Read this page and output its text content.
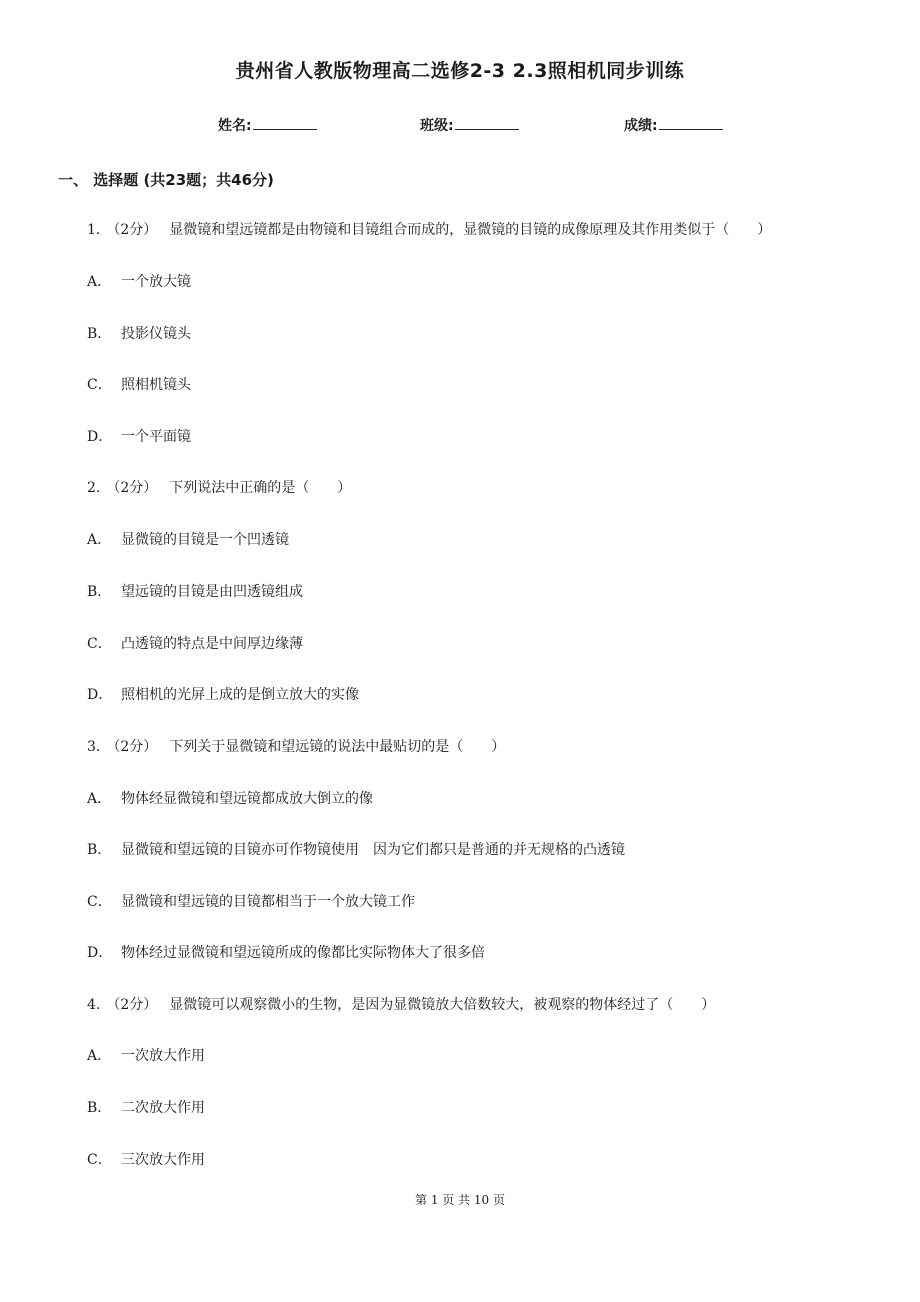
贵州省人教版物理高二选修2-3 2.3照相机同步训练
姓名:	班级:	成绩:
一、 选择题 (共23题；共46分)
1. （2分） 显微镜和望远镜都是由物镜和目镜组合而成的，显微镜的目镜的成像原理及其作用类似于（　　）
A． 一个放大镜
B． 投影仪镜头
C． 照相机镜头
D． 一个平面镜
2. （2分） 下列说法中正确的是（　　）
A． 显微镜的目镜是一个凹透镜
B． 望远镜的目镜是由凹透镜组成
C． 凸透镜的特点是中间厚边缘薄
D． 照相机的光屏上成的是倒立放大的实像
3. （2分） 下列关于显微镜和望远镜的说法中最贴切的是（　　）
A． 物体经显微镜和望远镜都成放大倒立的像
B． 显微镜和望远镜的目镜亦可作物镜使用　因为它们都只是普通的并无规格的凸透镜
C． 显微镜和望远镜的目镜都相当于一个放大镜工作
D． 物体经过显微镜和望远镜所成的像都比实际物体大了很多倍
4. （2分） 显微镜可以观察微小的生物，是因为显微镜放大倍数较大，被观察的物体经过了（　　）
A． 一次放大作用
B． 二次放大作用
C． 三次放大作用
第 1 页 共 10 页
